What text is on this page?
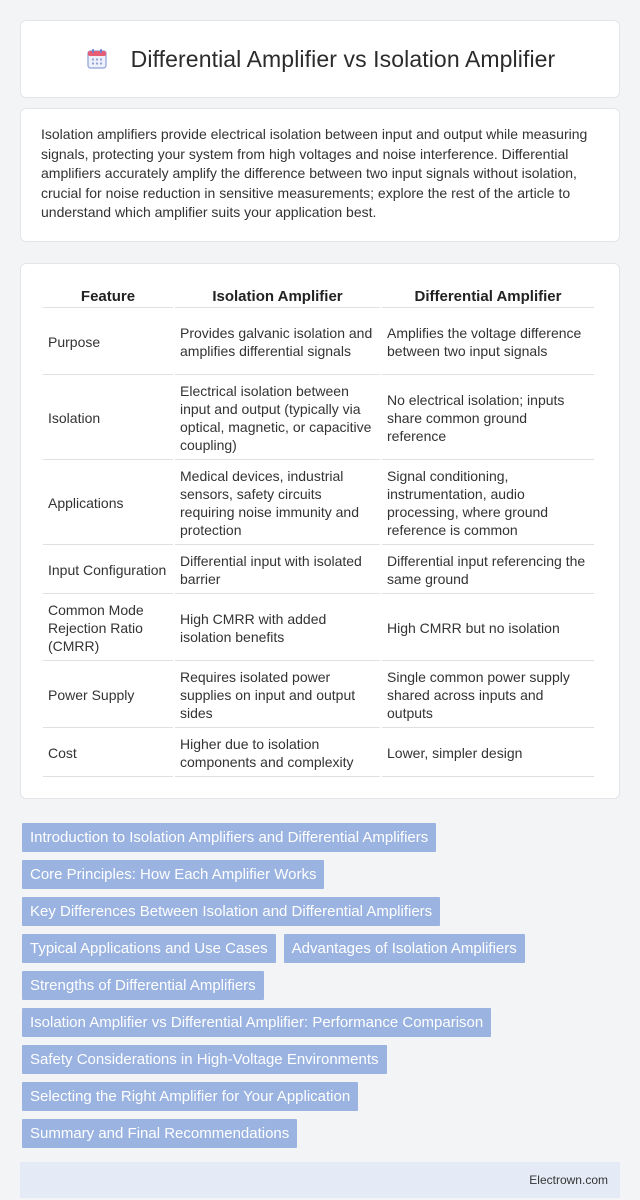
Differential Amplifier vs Isolation Amplifier

Isolation amplifiers provide electrical isolation between input and output while measuring signals, protecting your system from high voltages and noise interference. Differential amplifiers accurately amplify the difference between two input signals without isolation, crucial for noise reduction in sensitive measurements; explore the rest of the article to understand which amplifier suits your application best.

Feature	Isolation Amplifier	Differential Amplifier
Purpose	Provides galvanic isolation and amplifies differential signals	Amplifies the voltage difference between two input signals
Isolation	Electrical isolation between input and output (typically via optical, magnetic, or capacitive coupling)	No electrical isolation; inputs share common ground reference
Applications	Medical devices, industrial sensors, safety circuits requiring noise immunity and protection	Signal conditioning, instrumentation, audio processing, where ground reference is common
Input Configuration	Differential input with isolated barrier	Differential input referencing the same ground
Common Mode Rejection Ratio (CMRR)	High CMRR with added isolation benefits	High CMRR but no isolation
Power Supply	Requires isolated power supplies on input and output sides	Single common power supply shared across inputs and outputs
Cost	Higher due to isolation components and complexity	Lower, simpler design
Introduction to Isolation Amplifiers and Differential Amplifiers
Core Principles: How Each Amplifier Works
Key Differences Between Isolation and Differential Amplifiers
Typical Applications and Use Cases	Advantages of Isolation Amplifiers
Strengths of Differential Amplifiers
Isolation Amplifier vs Differential Amplifier: Performance Comparison
Safety Considerations in High-Voltage Environments
Selecting the Right Amplifier for Your Application
Summary and Final Recommendations
Electrown.com
